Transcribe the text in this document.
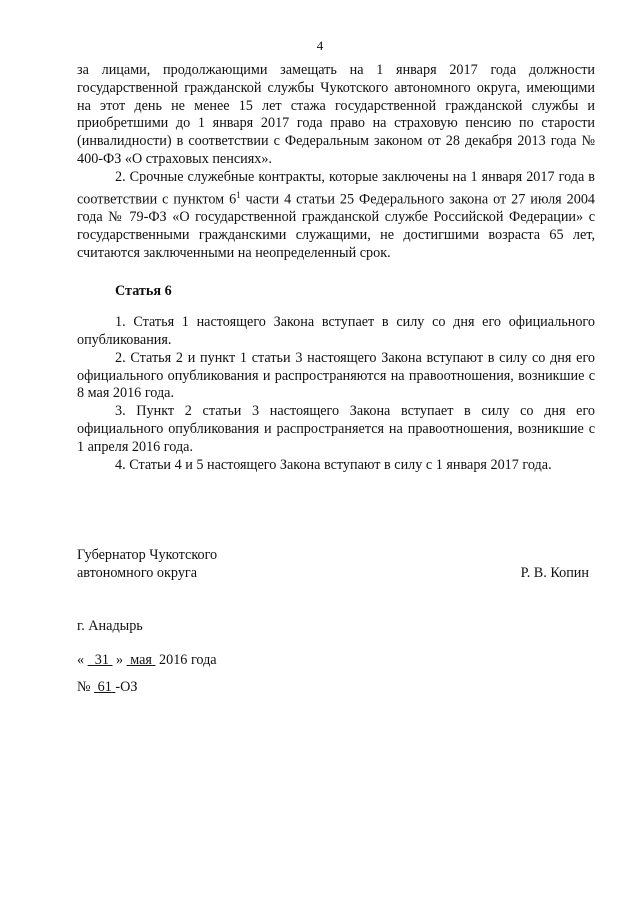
4

за лицами, продолжающими замещать на 1 января 2017 года должности государственной гражданской службы Чукотского автономного округа, имеющими на этот день не менее 15 лет стажа государственной гражданской службы и приобретшими до 1 января 2017 года право на страховую пенсию по старости (инвалидности) в соответствии с Федеральным законом от 28 декабря 2013 года № 400-ФЗ «О страховых пенсиях».

2. Срочные служебные контракты, которые заключены на 1 января 2017 года в соответствии с пунктом $6^1$ части 4 статьи 25 Федерального закона от 27 июля 2004 года № 79-ФЗ «О государственной гражданской службе Российской Федерации» с государственными гражданскими служащими, не достигшими возраста 65 лет, считаются заключенными на неопределенный срок.

Статья 6

1. Статья 1 настоящего Закона вступает в силу со дня его официального опубликования.

2. Статья 2 и пункт 1 статьи 3 настоящего Закона вступают в силу со дня его официального опубликования и распространяются на правоотношения, возникшие с 8 мая 2016 года.

3. Пункт 2 статьи 3 настоящего Закона вступает в силу со дня его официального опубликования и распространяется на правоотношения, возникшие с 1 апреля 2016 года.

4. Статьи 4 и 5 настоящего Закона вступают в силу с 1 января 2017 года.

Губернатор Чукотского
автономного округа	Р. В. Копин
г. Анадырь
« 31 » мая 2016 года
№ 61 -ОЗ
